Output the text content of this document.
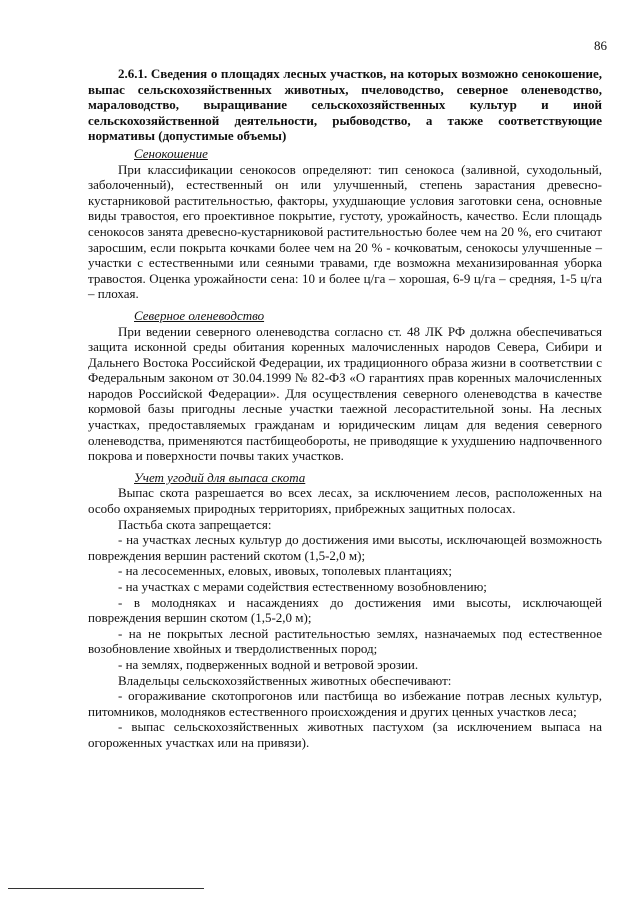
86

2.6.1. Сведения о площадях лесных участков, на которых возможно сенокошение, выпас сельскохозяйственных животных, пчеловодство, северное оленеводство, мараловодство, выращивание сельскохозяйственных культур и иной сельскохозяйственной деятельности, рыбоводство, а также соответствующие нормативы (допустимые объемы)

Сенокошение

При классификации сенокосов определяют: тип сенокоса (заливной, суходольный, заболоченный), естественный он или улучшенный, степень зарастания древесно-кустарниковой растительностью, факторы, ухудшающие условия заготовки сена, основные виды травостоя, его проективное покрытие, густоту, урожайность, качество. Если площадь сенокосов занята древесно-кустарниковой растительностью более чем на 20 %, его считают заросшим, если покрыта кочками более чем на 20 % - кочковатым, сенокосы улучшенные – участки с естественными или сеяными травами, где возможна механизированная уборка травостоя. Оценка урожайности сена: 10 и более ц/га – хорошая, 6-9 ц/га – средняя, 1-5 ц/га – плохая.

Северное оленеводство

При ведении северного оленеводства согласно ст. 48 ЛК РФ должна обеспечиваться защита исконной среды обитания коренных малочисленных народов Севера, Сибири и Дальнего Востока Российской Федерации, их традиционного образа жизни в соответствии с Федеральным законом от 30.04.1999 № 82-ФЗ «О гарантиях прав коренных малочисленных народов Российской Федерации». Для осуществления северного оленеводства в качестве кормовой базы пригодны лесные участки таежной лесорастительной зоны. На лесных участках, предоставляемых гражданам и юридическим лицам для ведения северного оленеводства, применяются пастбищеобороты, не приводящие к ухудшению надпочвенного покрова и поверхности почвы таких участков.

Учет угодий для выпаса скота

Выпас скота разрешается во всех лесах, за исключением лесов, расположенных на особо охраняемых природных территориях, прибрежных защитных полосах.

Пастьба скота запрещается:

- на участках лесных культур до достижения ими высоты, исключающей возможность повреждения вершин растений скотом (1,5-2,0 м);

- на лесосеменных, еловых, ивовых, тополевых плантациях;

- на участках с мерами содействия естественному возобновлению;

- в молодняках и насаждениях до достижения ими высоты, исключающей повреждения вершин скотом (1,5-2,0 м);

- на не покрытых лесной растительностью землях, назначаемых под естественное возобновление хвойных и твердолиственных пород;

- на землях, подверженных водной и ветровой эрозии.

Владельцы сельскохозяйственных животных обеспечивают:

- огораживание скотопрогонов или пастбища во избежание потрав лесных культур, питомников, молодняков естественного происхождения и других ценных участков леса;

- выпас сельскохозяйственных животных пастухом (за исключением выпаса на огороженных участках или на привязи).
